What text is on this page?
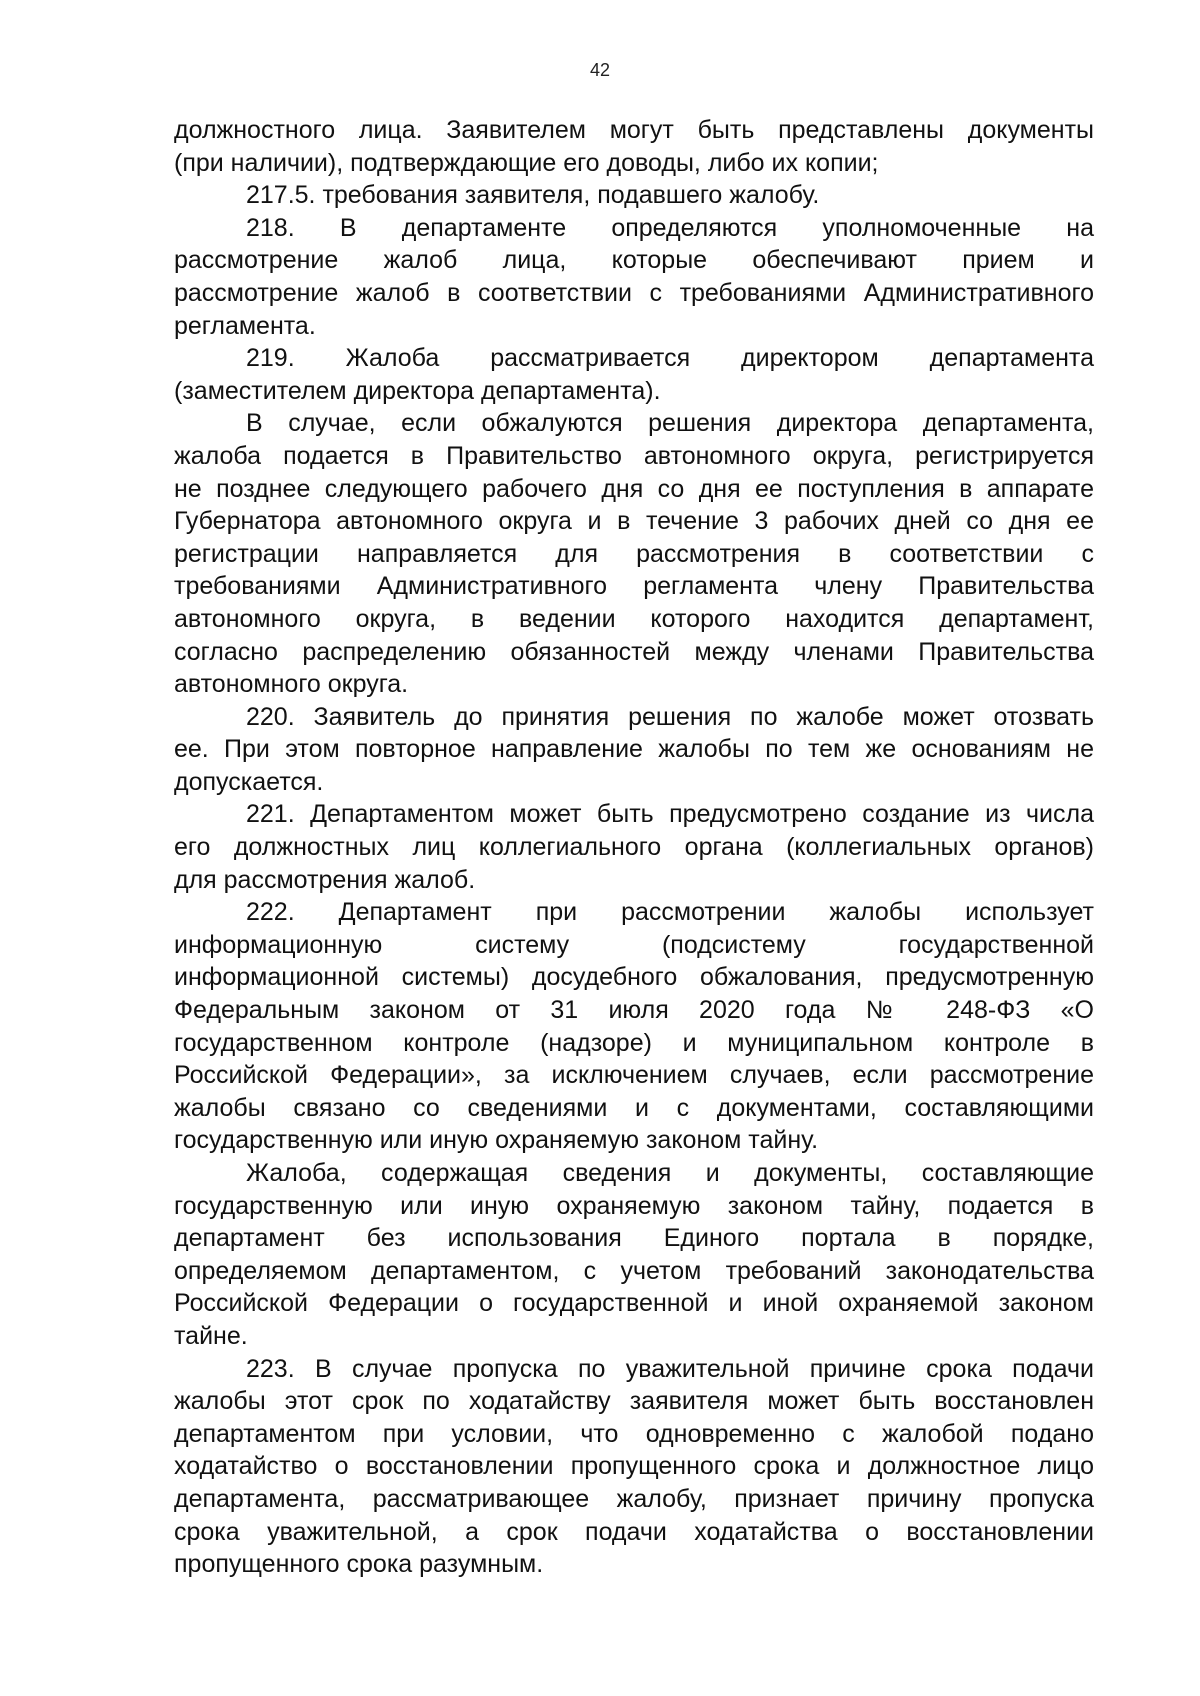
42
должностного лица. Заявителем могут быть представлены документы
(при наличии), подтверждающие его доводы, либо их копии;
217.5. требования заявителя, подавшего жалобу.
218. В департаменте определяются уполномоченные на
рассмотрение жалоб лица, которые обеспечивают прием и
рассмотрение жалоб в соответствии с требованиями Административного
регламента.
219. Жалоба рассматривается директором департамента
(заместителем директора департамента).
В случае, если обжалуются решения директора департамента,
жалоба подается в Правительство автономного округа, регистрируется
не позднее следующего рабочего дня со дня ее поступления в аппарате
Губернатора автономного округа и в течение 3 рабочих дней со дня ее
регистрации направляется для рассмотрения в соответствии с
требованиями Административного регламента члену Правительства
автономного округа, в ведении которого находится департамент,
согласно распределению обязанностей между членами Правительства
автономного округа.
220. Заявитель до принятия решения по жалобе может отозвать
ее. При этом повторное направление жалобы по тем же основаниям не
допускается.
221. Департаментом может быть предусмотрено создание из числа
его должностных лиц коллегиального органа (коллегиальных органов)
для рассмотрения жалоб.
222. Департамент при рассмотрении жалобы использует
информационную систему (подсистему государственной
информационной системы) досудебного обжалования, предусмотренную
Федеральным законом от 31 июля 2020 года № 248-ФЗ «О
государственном контроле (надзоре) и муниципальном контроле в
Российской Федерации», за исключением случаев, если рассмотрение
жалобы связано со сведениями и с документами, составляющими
государственную или иную охраняемую законом тайну.
Жалоба, содержащая сведения и документы, составляющие
государственную или иную охраняемую законом тайну, подается в
департамент без использования Единого портала в порядке,
определяемом департаментом, с учетом требований законодательства
Российской Федерации о государственной и иной охраняемой законом
тайне.
223. В случае пропуска по уважительной причине срока подачи
жалобы этот срок по ходатайству заявителя может быть восстановлен
департаментом при условии, что одновременно с жалобой подано
ходатайство о восстановлении пропущенного срока и должностное лицо
департамента, рассматривающее жалобу, признает причину пропуска
срока уважительной, а срок подачи ходатайства о восстановлении
пропущенного срока разумным.
